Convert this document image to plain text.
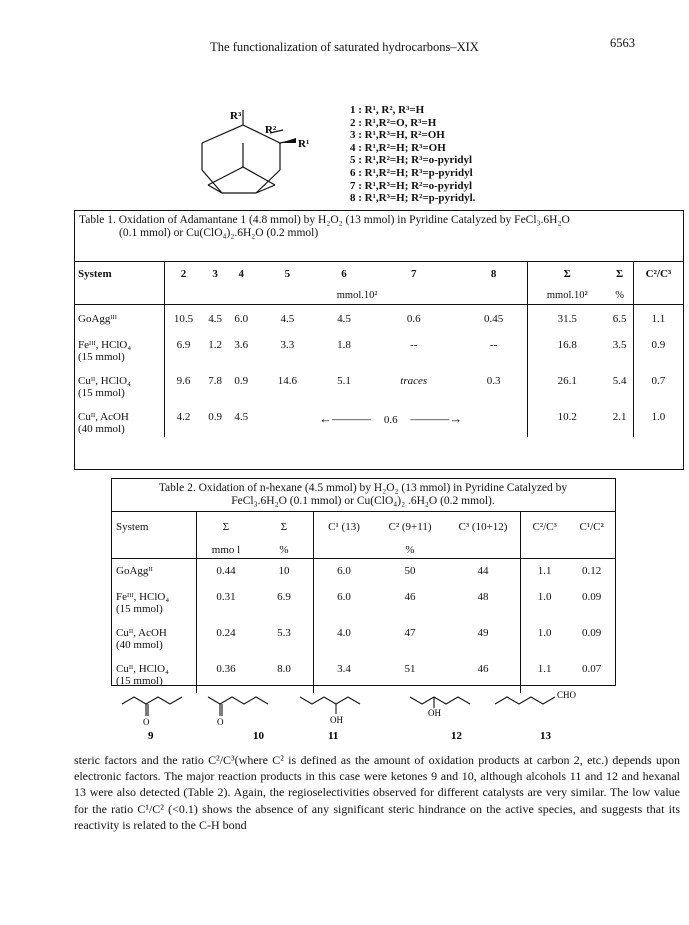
The functionalization of saturated hydrocarbons–XIX	6563
R³
R²
R¹
1 : R¹, R², R³=H
2 : R¹,R²=O, R³=H
3 : R¹,R³=H, R²=OH
4 : R¹,R²=H; R³=OH
5 : R¹,R²=H; R³=o-pyridyl
6 : R¹,R²=H; R³=p-pyridyl
7 : R¹,R³=H; R²=o-pyridyl
8 : R¹,R³=H; R²=p-pyridyl.
Table 1. Oxidation of Adamantane 1 (4.8 mmol) by H₂O₂ (13 mmol) in Pyridine Catalyzed by FeCl₃.6H₂O
(0.1 mmol) or Cu(ClO₄)₂.6H₂O (0.2 mmol)
System	2	3	4	5	6	7	8	Σ	Σ	C²/C³
				mmol.10²				mmol.10²	%	
GoAggᴵᴵᴵ	10.5	4.5	6.0	4.5	4.5	0.6	0.45	31.5	6.5	1.1

Feᴵᴵᴵ, HClO₄
(15 mmol)	6.9	1.2	3.6	3.3	1.8	--	--	16.8	3.5	0.9

Cuᴵᴵ, HClO₄
(15 mmol)	9.6	7.8	0.9	14.6	5.1	traces	0.3	26.1	5.4	0.7

Cuᴵᴵ, AcOH
(40 mmol)	4.2	0.9	4.5	←——— 0.6 ———→				10.2	2.1	1.0
Table 2. Oxidation of n-hexane (4.5 mmol) by H₂O₂ (13 mmol) in Pyridine Catalyzed by
FeCl₃.6H₂O (0.1 mmol) or Cu(ClO₄)₂ .6H₂O (0.2 mmol).
System	Σ	Σ	C¹ (13)	C² (9+11)	C³ (10+12)	C²/C³	C¹/C²
	mmo l	%		%			
GoAggᴵᴵ	0.44	10	6.0	50	44	1.1	0.12

Feᴵᴵᴵ, HClO₄
(15 mmol)	0.31	6.9	6.0	46	48	1.0	0.09

Cuᴵᴵ, AcOH
(40 mmol)	0.24	5.3	4.0	47	49	1.0	0.09

Cuᴵᴵ, HClO₄
(15 mmol)	0.36	8.0	3.4	51	46	1.1	0.07
O	O	OH
OH
CHO
9	10	11	12	13
steric factors and the ratio C²/C³(where C² is defined as the amount of oxidation products at carbon 2, etc.) depends upon electronic factors. The major reaction products in this case were ketones 9 and 10, although alcohols 11 and 12 and hexanal 13 were also detected (Table 2). Again, the regioselectivities observed for different catalysts are very similar. The low value for the ratio C¹/C² (<0.1) shows the absence of any significant steric hindrance on the active species, and suggests that its reactivity is related to the C-H bond
